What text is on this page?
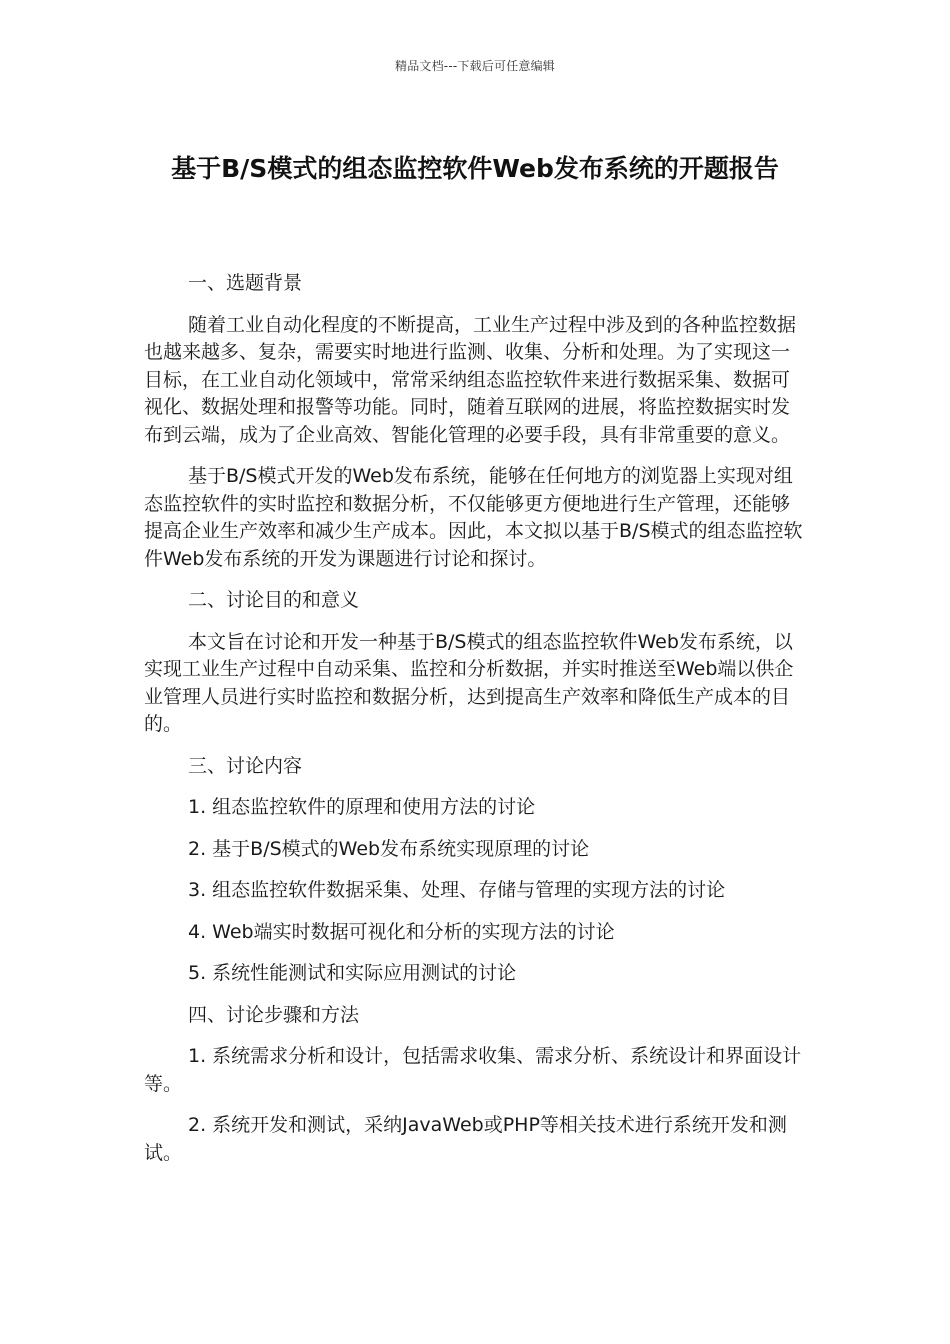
精品文档---下载后可任意编辑
基于B/S模式的组态监控软件Web发布系统的开题报告

一、选题背景

随着工业自动化程度的不断提高，工业生产过程中涉及到的各种监控数据也越来越多、复杂，需要实时地进行监测、收集、分析和处理。为了实现这一目标，在工业自动化领域中，常常采纳组态监控软件来进行数据采集、数据可视化、数据处理和报警等功能。同时，随着互联网的进展，将监控数据实时发布到云端，成为了企业高效、智能化管理的必要手段，具有非常重要的意义。

基于B/S模式开发的Web发布系统，能够在任何地方的浏览器上实现对组态监控软件的实时监控和数据分析，不仅能够更方便地进行生产管理，还能够提高企业生产效率和减少生产成本。因此，本文拟以基于B/S模式的组态监控软件Web发布系统的开发为课题进行讨论和探讨。

二、讨论目的和意义

本文旨在讨论和开发一种基于B/S模式的组态监控软件Web发布系统，以实现工业生产过程中自动采集、监控和分析数据，并实时推送至Web端以供企业管理人员进行实时监控和数据分析，达到提高生产效率和降低生产成本的目的。

三、讨论内容

1. 组态监控软件的原理和使用方法的讨论

2. 基于B/S模式的Web发布系统实现原理的讨论

3. 组态监控软件数据采集、处理、存储与管理的实现方法的讨论

4. Web端实时数据可视化和分析的实现方法的讨论

5. 系统性能测试和实际应用测试的讨论

四、讨论步骤和方法

1. 系统需求分析和设计，包括需求收集、需求分析、系统设计和界面设计等。

2. 系统开发和测试，采纳JavaWeb或PHP等相关技术进行系统开发和测试。
